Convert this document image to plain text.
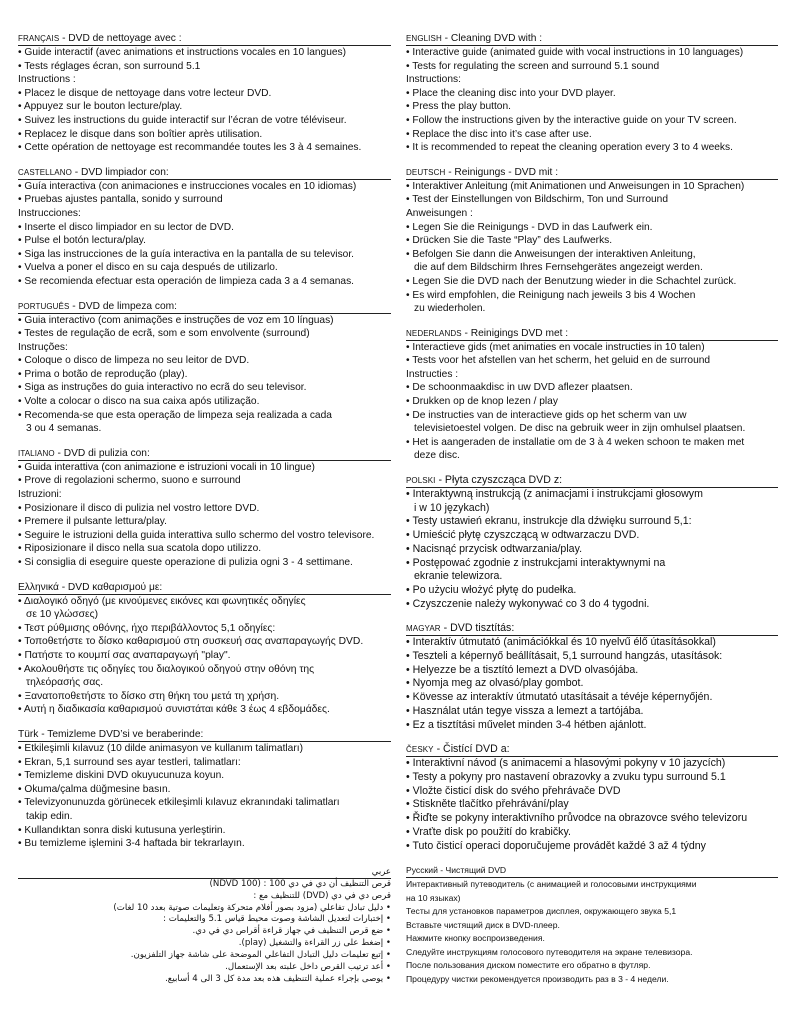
FRANÇAIS - DVD de nettoyage avec :
• Guide interactif (avec animations et instructions vocales en 10 langues)
• Tests réglages écran, son surround 5.1
Instructions :
• Placez le disque de nettoyage dans votre lecteur DVD.
• Appuyez sur le bouton lecture/play.
• Suivez les instructions du guide interactif sur l’écran de votre téléviseur.
• Replacez le disque dans son boîtier après utilisation.
• Cette opération de nettoyage est recommandée toutes les 3 à 4 semaines.
CASTELLANO - DVD limpiador con:
• Guía interactiva (con animaciones e instrucciones vocales en 10 idiomas)
• Pruebas ajustes pantalla, sonido y surround
Instrucciones:
• Inserte el disco limpiador en su lector de DVD.
• Pulse el botón lectura/play.
• Siga las instrucciones de la guía interactiva en la pantalla de su televisor.
• Vuelva a poner el disco en su caja después de utilizarlo.
• Se recomienda efectuar esta operación de limpieza cada 3 a 4 semanas.
PORTUGUÊS - DVD de limpeza com:
• Guia interactivo (com animações e instruções de voz em 10 línguas)
• Testes de regulação de ecrã, som e som envolvente (surround)
Instruções:
• Coloque o disco de limpeza no seu leitor de DVD.
• Prima o botão de reprodução (play).
• Siga as instruções do guia interactivo no ecrã do seu televisor.
• Volte a colocar o disco na sua caixa após utilização.
• Recomenda-se que esta operação de limpeza seja realizada a cada
3 ou 4 semanas.
ITALIANO - DVD di pulizia con:
• Guida interattiva (con animazione e istruzioni vocali in 10 lingue)
• Prove di regolazioni schermo, suono e surround
Istruzioni:
• Posizionare il disco di pulizia nel vostro lettore DVD.
• Premere il pulsante lettura/play.
• Seguire le istruzioni della guida interattiva sullo schermo del vostro televisore.
• Riposizionare il disco nella sua scatola dopo utilizzo.
• Si consiglia di eseguire queste operazione di pulizia ogni 3 - 4 settimane.
Ελληνικά - DVD καθαρισμού με:
• Διαλογικό οδηγό (με κινούμενες εικόνες και φωνητικές οδηγίες
σε 10 γλώσσες)
• Τεστ ρύθμισης οθόνης, ήχο περιβάλλοντος 5,1 οδηγίες:
• Τοποθετήστε το δίσκο καθαρισμού στη συσκευή σας αναπαραγωγής DVD.
• Πατήστε το κουμπί σας αναπαραγωγή "play".
• Ακολουθήστε τις οδηγίες του διαλογικού οδηγού στην οθόνη της
τηλεόρασής σας.
• Ξανατοποθετήστε το δίσκο στη θήκη του μετά τη χρήση.
• Αυτή η διαδικασία καθαρισμού συνιστάται κάθε 3 έως 4 εβδομάδες.
Türk - Temizleme DVD’si ve beraberinde:
• Etkileşimli kılavuz (10 dilde animasyon ve kullanım talimatları)
• Ekran, 5,1 surround ses ayar testleri, talimatları:
• Temizleme diskini DVD okuyucunuza koyun.
• Okuma/çalma düğmesine basın.
• Televizyonunuzda görünecek etkileşimli kılavuz ekranındaki talimatları
takip edin.
• Kullandıktan sonra diski kutusuna yerleştirin.
• Bu temizleme işlemini 3-4 haftada bir tekrarlayın.
عربي
قرص التنظيف أن دي في دي 100 : (NDVD 100)
قرص دي في دي (DVD) للتنظيف مع :
• دليل تبادل تفاعلي (مزود بصور أفلام متحركة وتعليمات صوتية بعدد 10 لغات)
• إختبارات لتعديل الشاشة وصوت محيط قياس 5.1 والتعليمات :
• ضع قرص التنظيف في جهاز قراءة أقراص دي في دي.
• إضغط على زر القراءة والتشغيل (play).
• إتبع تعليمات دليل التبادل التفاعلي الموضحة على شاشة جهاز التلفزيون.
• أعد ترتيب القرص داخل علبته بعد الإستعمال.
• يوصى بإجراء عملية التنظيف هذه بعد مدة كل 3 الى 4 أسابيع.
ENGLISH - Cleaning DVD with :
• Interactive guide (animated guide with vocal instructions in 10 languages)
• Tests for regulating the screen and surround 5.1 sound
Instructions:
• Place the cleaning disc into your DVD player.
• Press the play button.
• Follow the instructions given by the interactive guide on your TV screen.
• Replace the disc into it’s case after use.
• It is recommended to repeat the cleaning operation every 3 to 4 weeks.
DEUTSCH - Reinigungs - DVD mit :
• Interaktiver Anleitung (mit Animationen und Anweisungen in 10 Sprachen)
• Test der Einstellungen von Bildschirm, Ton und Surround
Anweisungen :
• Legen Sie die Reinigungs - DVD in das Laufwerk ein.
• Drücken Sie die Taste “Play” des Laufwerks.
• Befolgen Sie dann die Anweisungen der interaktiven Anleitung,
die auf dem Bildschirm Ihres Fernsehgerätes angezeigt werden.
• Legen Sie die DVD nach der Benutzung wieder in die Schachtel zurück.
• Es wird empfohlen, die Reinigung nach jeweils 3 bis 4 Wochen
zu wiederholen.
NEDERLANDS - Reinigings DVD met :
• Interactieve gids (met animaties en vocale instructies in 10 talen)
• Tests voor het afstellen van het scherm, het geluid en de surround
Instructies :
• De schoonmaakdisc in uw DVD aflezer plaatsen.
• Drukken op de knop lezen / play
• De instructies van de interactieve gids op het scherm van uw
televisietoestel volgen. De disc na gebruik weer in zijn omhulsel plaatsen.
• Het is aangeraden de installatie om de 3 à 4 weken schoon te maken met
deze disc.
POLSKI - Płyta czyszcząca DVD z:
• Interaktywną instrukcją (z animacjami i instrukcjami głosowym
i w 10 językach)
• Testy ustawień ekranu, instrukcje dla dźwięku surround 5,1:
• Umieścić płytę czyszczącą w odtwarzaczu DVD.
• Nacisnąć przycisk odtwarzania/play.
• Postępować zgodnie z instrukcjami interaktywnymi na
ekranie telewizora.
• Po użyciu włożyć płytę do pudełka.
• Czyszczenie należy wykonywać co 3 do 4 tygodni.
MAGYAR - DVD tisztítás:
• Interaktív útmutató (animációkkal és 10 nyelvű élő útasításokkal)
• Teszteli a képernyő beállításait, 5,1 surround hangzás, utasítások:
• Helyezze be a tisztító lemezt a DVD olvasójába.
• Nyomja meg az olvasó/play gombot.
• Kövesse az interaktív útmutató utasításait a tévéje képernyőjén.
• Használat után tegye vissza a lemezt a tartójába.
• Ez a tisztítási művelet minden 3-4 hétben ajánlott.
ČESKY - Čistící DVD a:
• Interaktivní návod (s animacemi a hlasovými pokyny v 10 jazycích)
• Testy a pokyny pro nastavení obrazovky a zvuku typu surround 5.1
• Vložte čisticí disk do svého přehrávače DVD
• Stiskněte tlačítko přehrávání/play
• Řiďte se pokyny interaktivního průvodce na obrazovce svého televizoru
• Vraťte disk po použití do krabičky.
• Tuto čisticí operaci doporučujeme provádět každé 3 až 4 týdny
Русский - Чистящий DVD
Интерактивный путеводитель (с анимацией и голосовыми инструкциями
на 10 языках)
Тесты для установков параметров дисплея, окружающего звука 5,1
Вставьте чистящий диск в DVD-плеер.
Нажмите кнопку воспроизведения.
Следуйте инструкциям голосового путеводителя на экране телевизора.
После пользования диском поместите его обратно в футляр.
Процедуру чистки рекомендуется производить раз в 3 - 4 недели.
